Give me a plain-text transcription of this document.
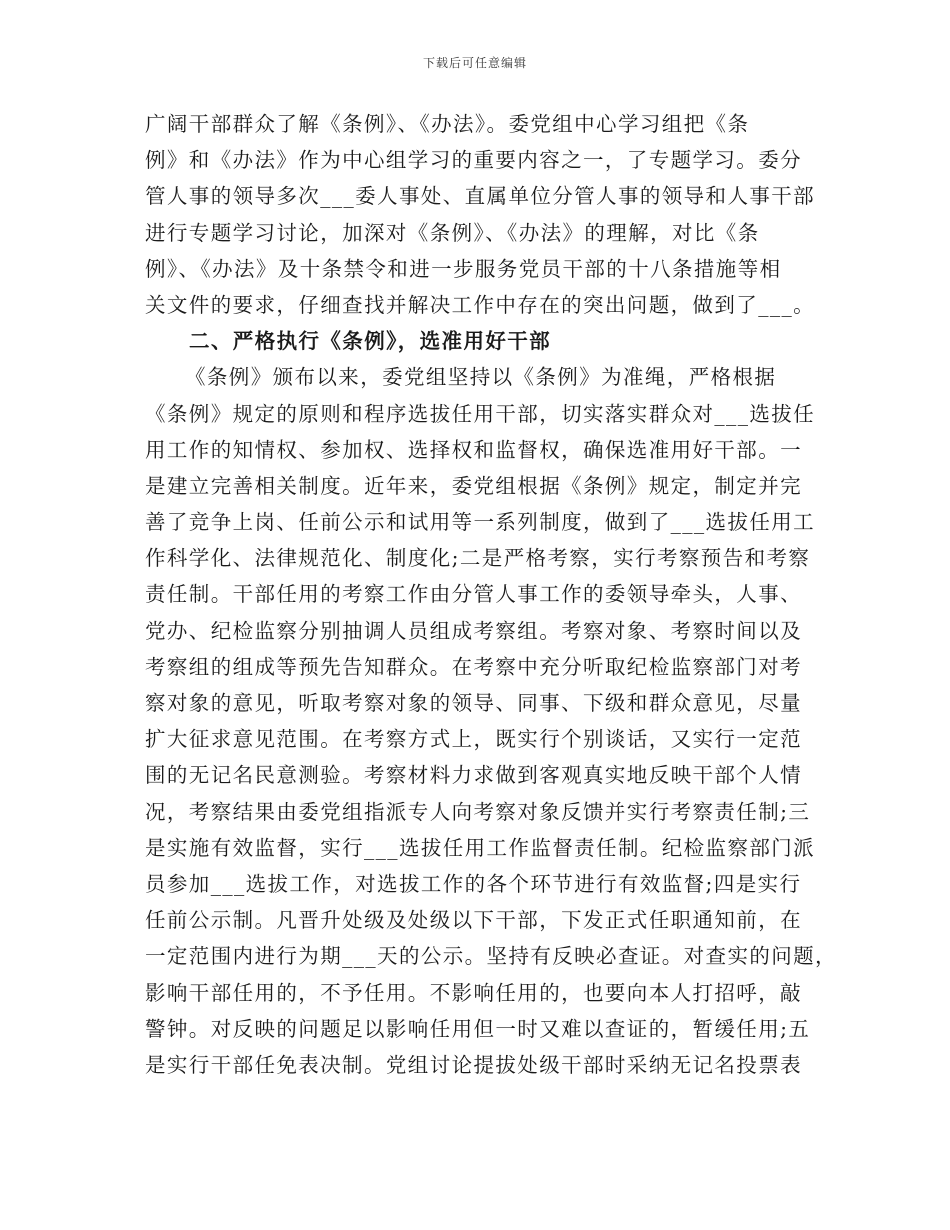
下载后可任意编辑
广阔干部群众了解《条例》、《办法》。委党组中心学习组把《条
例》和《办法》作为中心组学习的重要内容之一，了专题学习。委分
管人事的领导多次___委人事处、直属单位分管人事的领导和人事干部
进行专题学习讨论，加深对《条例》、《办法》的理解，对比《条
例》、《办法》及十条禁令和进一步服务党员干部的十八条措施等相
关文件的要求，仔细查找并解决工作中存在的突出问题，做到了___。
二、严格执行《条例》，选准用好干部
《条例》颁布以来，委党组坚持以《条例》为准绳，严格根据
《条例》规定的原则和程序选拔任用干部，切实落实群众对___选拔任
用工作的知情权、参加权、选择权和监督权，确保选准用好干部。一
是建立完善相关制度。近年来，委党组根据《条例》规定，制定并完
善了竞争上岗、任前公示和试用等一系列制度，做到了___选拔任用工
作科学化、法律规范化、制度化;二是严格考察，实行考察预告和考察
责任制。干部任用的考察工作由分管人事工作的委领导牵头，人事、
党办、纪检监察分别抽调人员组成考察组。考察对象、考察时间以及
考察组的组成等预先告知群众。在考察中充分听取纪检监察部门对考
察对象的意见，听取考察对象的领导、同事、下级和群众意见，尽量
扩大征求意见范围。在考察方式上，既实行个别谈话，又实行一定范
围的无记名民意测验。考察材料力求做到客观真实地反映干部个人情
况，考察结果由委党组指派专人向考察对象反馈并实行考察责任制;三
是实施有效监督，实行___选拔任用工作监督责任制。纪检监察部门派
员参加___选拔工作，对选拔工作的各个环节进行有效监督;四是实行
任前公示制。凡晋升处级及处级以下干部，下发正式任职通知前，在
一定范围内进行为期___天的公示。坚持有反映必查证。对查实的问题，
影响干部任用的，不予任用。不影响任用的，也要向本人打招呼，敲
警钟。对反映的问题足以影响任用但一时又难以查证的，暂缓任用;五
是实行干部任免表决制。党组讨论提拔处级干部时采纳无记名投票表
